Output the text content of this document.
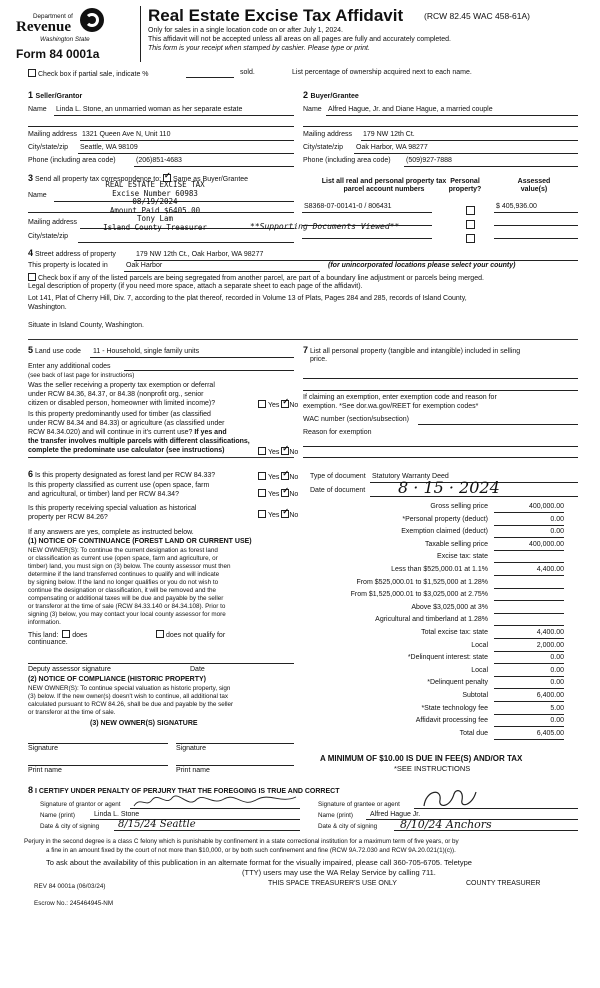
Department of
Revenue
Washington State
Form 84 0001a
Real Estate Excise Tax Affidavit (RCW 82.45 WAC 458-61A)
Only for sales in a single location code on or after July 1, 2024.
This affidavit will not be accepted unless all areas on all pages are fully and accurately completed.
This form is your receipt when stamped by cashier. Please type or print.
Check box if partial sale, indicate %	sold.	List percentage of ownership acquired next to each name.
1 Seller/Grantor
Name Linda L. Stone, an unmarried woman as her separate estate
Mailing address 1321 Queen Ave N, Unit 110
City/state/zip Seattle, WA 98109
Phone (including area code)	(206)851-4683
2 Buyer/Grantee
Name Alfred Hague, Jr. and Diane Hague, a married couple
Mailing address 179 NW 12th Ct.
City/state/zip Oak Harbor, WA 98277
Phone (including area code) (509)927-7888
3 Send all property tax correspondence to: ✓ Same as Buyer/Grantee
Name
Mailing address
City/state/zip
REAL ESTATE EXCISE TAX
Excise Number 60983
08/19/2024
Amount Paid $6405.00
Tony Lam
Island County Treasurer	**Supporting Documents Viewed**
List all real and personal property tax
parcel account numbers
Personal
property?
Assessed
value(s)
S8368-07-00141-0 / 806431	$ 405,936.00
4 Street address of property	179 NW 12th Ct., Oak Harbor, WA 98277
This property is located in	Oak Harbor	(for unincorporated locations please select your county)
Check box if any of the listed parcels are being segregated from another parcel, are part of a boundary line adjustment or parcels being merged.
Legal description of property (if you need more space, attach a separate sheet to each page of the affidavit).
Lot 141, Plat of Cherry Hill, Div. 7, according to the plat thereof, recorded in Volume 13 of Plats, Pages 284 and 285, records of Island County,
Washington.
Situate in Island County, Washington.
5 Land use code 11 - Household, single family units
Enter any additional codes
(see back of last page for instructions)
Was the seller receiving a property tax exemption or deferral
under RCW 84.36, 84.37, or 84.38 (nonprofit org., senior
citizen or disabled person, homeowner with limited income)?	Yes ✓ No
Is this property predominantly used for timber (as classified
under RCW 84.34 and 84.33) or agriculture (as classified under
RCW 84.34.020) and will continue in it's current use? If yes and
the transfer involves multiple parcels with different classifications,
complete the predominate use calculator (see instructions)	Yes ✓ No
7 List all personal property (tangible and intangible) included in selling
price.
If claiming an exemption, enter exemption code and reason for
exemption. *See dor.wa.gov/REET for exemption codes*
WAC number (section/subsection)
Reason for exemption
6 Is this property designated as forest land per RCW 84.33?	Yes ✓ No
Is this property classified as current use (open space, farm
and agricultural, or timber) land per RCW 84.34?	Yes ✓ No
Is this property receiving special valuation as historical
property per RCW 84.26?	Yes ✓ No
If any answers are yes, complete as instructed below.
(1) NOTICE OF CONTINUANCE (FOREST LAND OR CURRENT USE)
NEW OWNER(S): To continue the current designation as forest land
or classification as current use (open space, farm and agriculture, or
timber) land, you must sign on (3) below. The county assessor must then
determine if the land transferred continues to qualify and will indicate
by signing below. If the land no longer qualifies or you do not wish to
continue the designation or classification, it will be removed and the
compensating or additional taxes will be due and payable by the seller
or transferor at the time of sale (RCW 84.33.140 or 84.34.108). Prior to
signing (3) below, you may contact your local county assessor for more
information.
This land: does	does not qualify for
continuance.
Deputy assessor signature	Date
(2) NOTICE OF COMPLIANCE (HISTORIC PROPERTY)
NEW OWNER(S): To continue special valuation as historic property, sign
(3) below. If the new owner(s) doesn't wish to continue, all additional tax
calculated pursuant to RCW 84.26, shall be due and payable by the seller
or transferor at the time of sale.
(3) NEW OWNER(S) SIGNATURE
Signature	Signature
Print name	Print name
Type of document Statutory Warranty Deed
Date of document 8 · 15 · 2024
Gross selling price	400,000.00
*Personal property (deduct)	0.00
Exemption claimed (deduct)	0.00
Taxable selling price	400,000.00
Excise tax: state
Less than $525,000.01 at 1.1%	4,400.00
From $525,000.01 to $1,525,000 at 1.28%
From $1,525,000.01 to $3,025,000 at 2.75%
Above $3,025,000 at 3%
Agricultural and timberland at 1.28%
Total excise tax: state	4,400.00
Local	2,000.00
*Delinquent interest: state	0.00
Local	0.00
*Delinquent penalty	0.00
Subtotal	6,400.00
*State technology fee	5.00
Affidavit processing fee	0.00
Total due	6,405.00
A MINIMUM OF $10.00 IS DUE IN FEE(S) AND/OR TAX
*SEE INSTRUCTIONS
8 I CERTIFY UNDER PENALTY OF PERJURY THAT THE FOREGOING IS TRUE AND CORRECT
Signature of grantor or agent
Name (print)	Linda L. Stone
Date & city of signing 8/15/24 Seattle
Signature of grantee or agent
Name (print) Alfred Hague Jr.
Date & city of signing 8/10/24 Anchors
Perjury in the second degree is a class C felony which is punishable by confinement in a state correctional institution for a maximum term of five years, or by
a fine in an amount fixed by the court of not more than $10,000, or by both such confinement and fine (RCW 9A.72.030 and RCW 9A.20.021(1)(c)).
To ask about the availability of this publication in an alternate format for the visually impaired, please call 360-705-6705. Teletype
(TTY) users may use the WA Relay Service by calling 711.
REV 84 0001a (06/03/24)	THIS SPACE TREASURER'S USE ONLY	COUNTY TREASURER
Escrow No.: 245464945-NM
